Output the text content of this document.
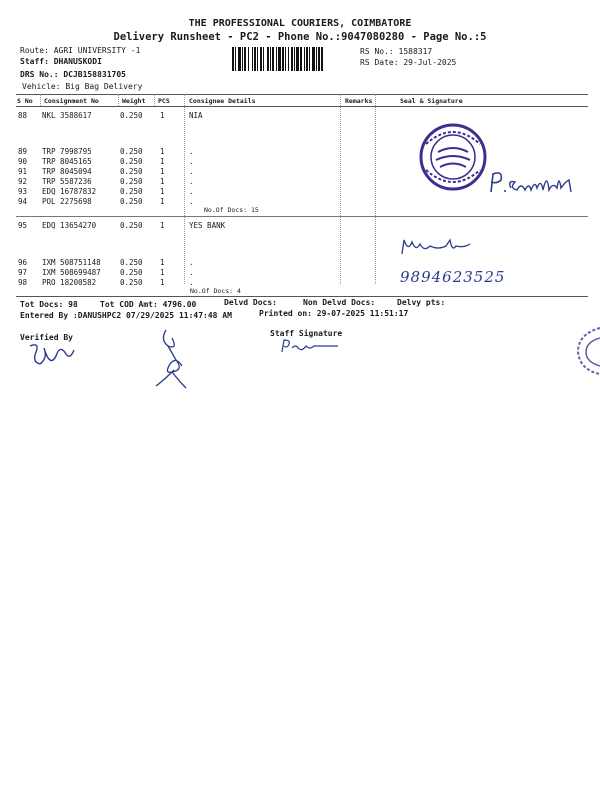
THE PROFESSIONAL COURIERS, COIMBATORE
Delivery Runsheet - PC2 - Phone No.:9047080280 - Page No.:5
Route: AGRI UNIVERSITY -1
Staff: DHANUSKODI
DRS No.: DCJB158831705
Vehicle: Big Bag Delivery
RS No.: 1588317
RS Date: 29-Jul-2025
S No Consignment No	Weight PCS	Consignee Details	Remarks	Seal & Signature
88 NKL 3588617	0.250 1	NIA
89 TRP 7998795	0.250 1	.
90 TRP 8045165	0.250 1	.
91 TRP 8045094	0.250 1	.
92 TRP 5587236	0.250 1	.
93 EDQ 16787832	0.250 1	.
94 POL 2275698	0.250 1	.
No.Of Docs: 15
95 EDQ 13654270	0.250 1	YES BANK
96 IXM 508751148	0.250 1	.
97 IXM 508699487	0.250 1	.
98 PRO 18200582	0.250 1	.
No.Of Docs: 4
Tot Docs: 98	Tot COD Amt: 4796.00	Delvd Docs:	Non Delvd Docs:	Delvy pts:
Entered By :DANUSHPC2 07/29/2025 11:47:48 AM	Printed on: 29-07-2025 11:51:17
Verified By	Staff Signature
9894623525
